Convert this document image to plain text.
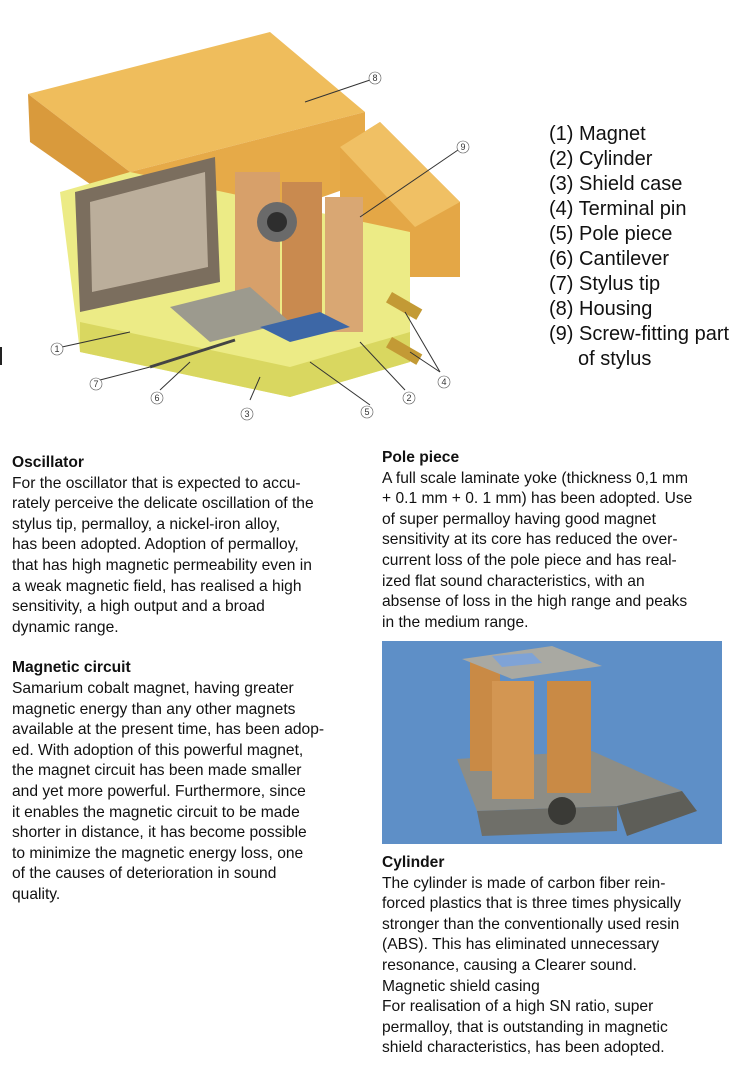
8
9
1
7
6
3	5
2
4
(1) Magnet
(2) Cylinder
(3) Shield case
(4) Terminal pin
(5) Pole piece
(6) Cantilever
(7) Stylus tip
(8) Housing
(9) Screw-fitting part
of stylus
Oscillator

For the oscillator that is expected to accu-

rately perceive the delicate oscillation of the

stylus tip, permalloy, a nickel-iron alloy,

has been adopted. Adoption of permalloy,

that has high magnetic permeability even in

a weak magnetic field, has realised a high

sensitivity, a high output and a broad

dynamic range.

Magnetic circuit

Samarium cobalt magnet, having greater

magnetic energy than any other magnets

available at the present time, has been adop-

ed. With adoption of this powerful magnet,

the magnet circuit has been made smaller

and yet more powerful. Furthermore, since

it enables the magnetic circuit to be made

shorter in distance, it has become possible

to minimize the magnetic energy loss, one

of the causes of deterioration in sound

quality.

Pole piece

A full scale laminate yoke (thickness 0,1 mm

+ 0.1 mm + 0. 1 mm) has been adopted. Use

of super permalloy having good magnet

sensitivity at its core has reduced the over-

current loss of the pole piece and has real-

ized flat sound characteristics, with an

absense of loss in the high range and peaks

in the medium range.

Cylinder

The cylinder is made of carbon fiber rein-

forced plastics that is three times physically

stronger than the conventionally used resin

(ABS). This has eliminated unnecessary

resonance, causing a Clearer sound.

Magnetic shield casing

For realisation of a high SN ratio, super

permalloy, that is outstanding in magnetic

shield characteristics, has been adopted.
